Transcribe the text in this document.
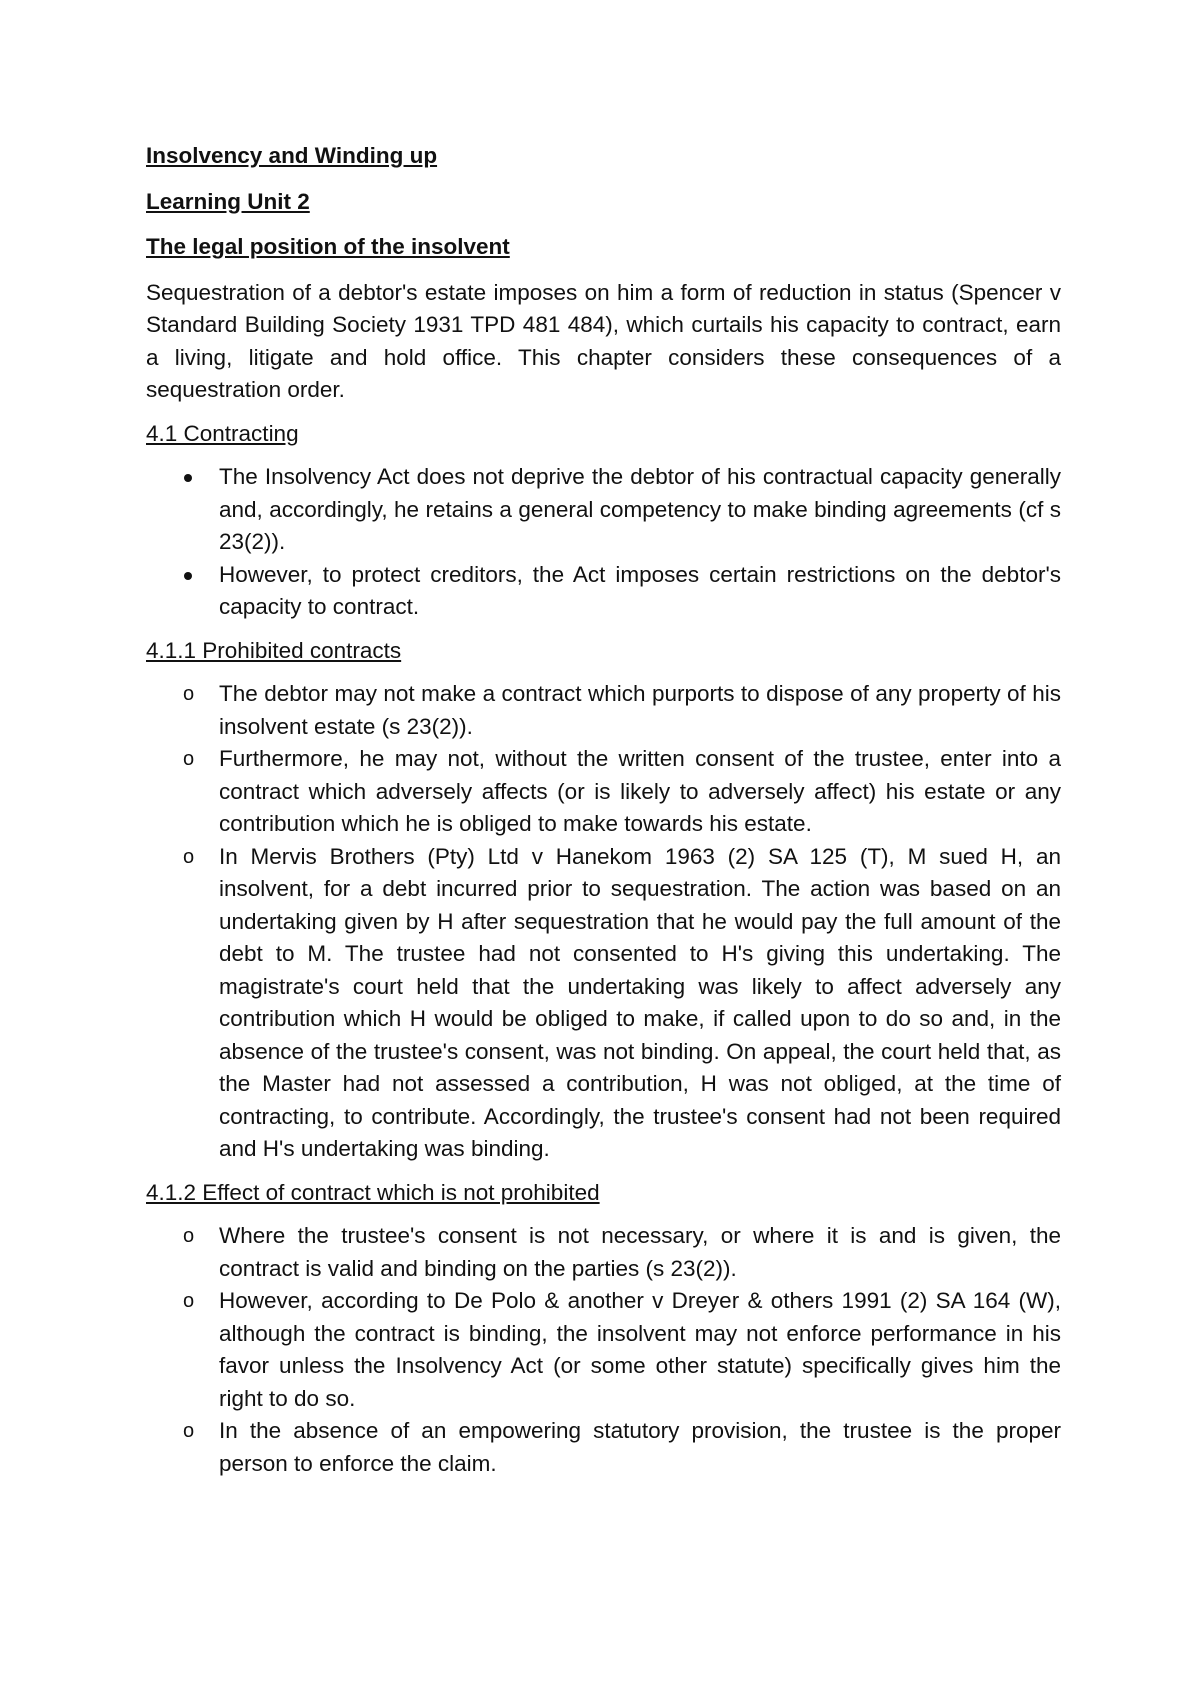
Insolvency and Winding up
Learning Unit 2
The legal position of the insolvent
Sequestration of a debtor's estate imposes on him a form of reduction in status (Spencer v Standard Building Society 1931 TPD 481 484), which curtails his capacity to contract, earn a living, litigate and hold office. This chapter considers these consequences of a sequestration order.
4.1 Contracting
The Insolvency Act does not deprive the debtor of his contractual capacity generally and, accordingly, he retains a general competency to make binding agreements (cf s 23(2)).
However, to protect creditors, the Act imposes certain restrictions on the debtor's capacity to contract.
4.1.1 Prohibited contracts
o	The debtor may not make a contract which purports to dispose of any property of his insolvent estate (s 23(2)).
o	Furthermore, he may not, without the written consent of the trustee, enter into a contract which adversely affects (or is likely to adversely affect) his estate or any contribution which he is obliged to make towards his estate.
o	In Mervis Brothers (Pty) Ltd v Hanekom 1963 (2) SA 125 (T), M sued H, an insolvent, for a debt incurred prior to sequestration. The action was based on an undertaking given by H after sequestration that he would pay the full amount of the debt to M. The trustee had not consented to H's giving this undertaking. The magistrate's court held that the undertaking was likely to affect adversely any contribution which H would be obliged to make, if called upon to do so and, in the absence of the trustee's consent, was not binding. On appeal, the court held that, as the Master had not assessed a contribution, H was not obliged, at the time of contracting, to contribute. Accordingly, the trustee's consent had not been required and H's undertaking was binding.
4.1.2 Effect of contract which is not prohibited
o	Where the trustee's consent is not necessary, or where it is and is given, the contract is valid and binding on the parties (s 23(2)).
o	However, according to De Polo & another v Dreyer & others 1991 (2) SA 164 (W), although the contract is binding, the insolvent may not enforce performance in his favor unless the Insolvency Act (or some other statute) specifically gives him the right to do so.
o	In the absence of an empowering statutory provision, the trustee is the proper person to enforce the claim.
